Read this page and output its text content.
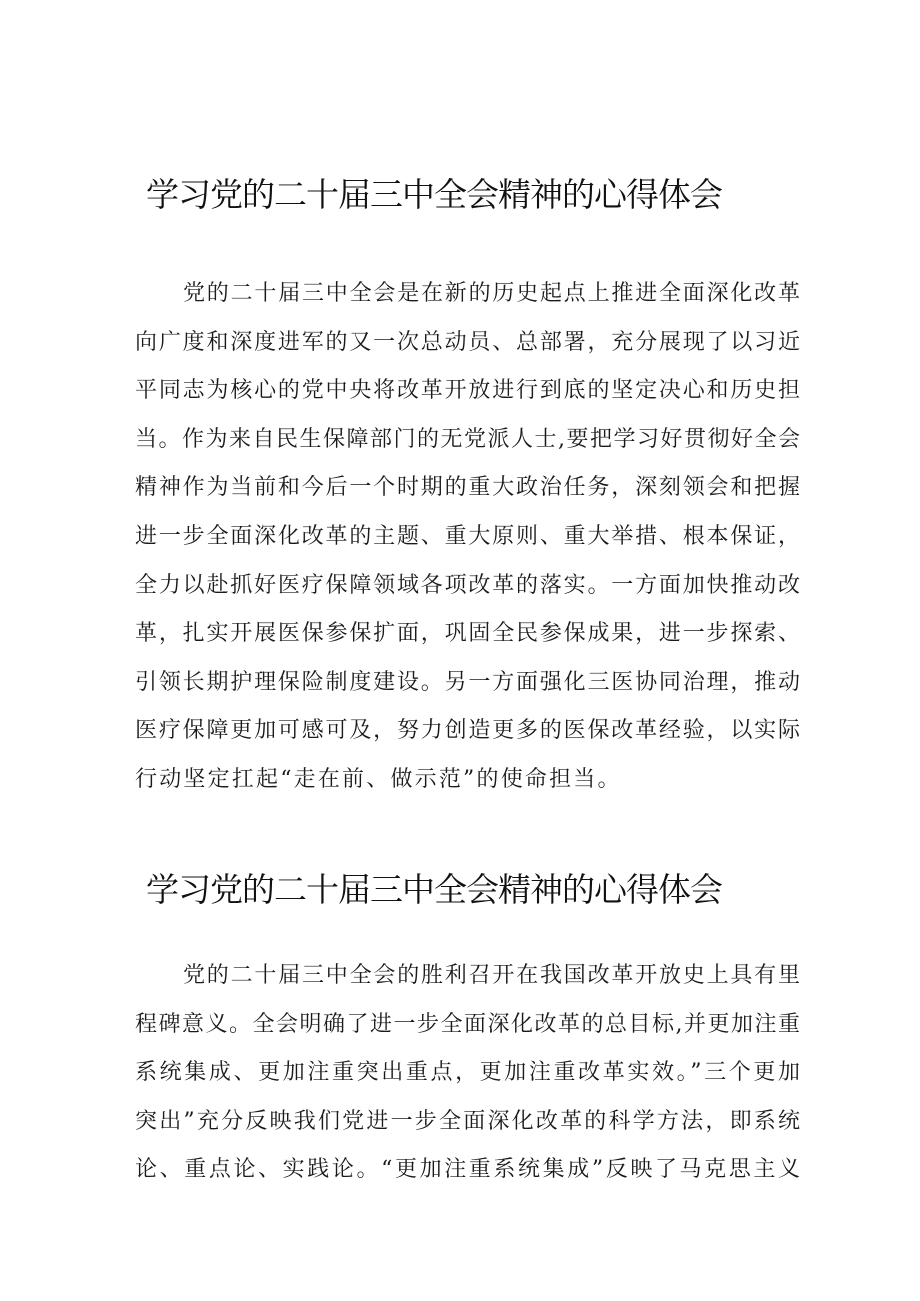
学习党的二十届三中全会精神的心得体会
党的二十届三中全会是在新的历史起点上推进全面深化改革
向广度和深度进军的又一次总动员、总部署，充分展现了以习近
平同志为核心的党中央将改革开放进行到底的坚定决心和历史担
当。作为来自民生保障部门的无党派人士,要把学习好贯彻好全会
精神作为当前和今后一个时期的重大政治任务，深刻领会和把握
进一步全面深化改革的主题、重大原则、重大举措、根本保证，
全力以赴抓好医疗保障领域各项改革的落实。一方面加快推动改
革，扎实开展医保参保扩面，巩固全民参保成果，进一步探索、
引领长期护理保险制度建设。另一方面强化三医协同治理，推动
医疗保障更加可感可及，努力创造更多的医保改革经验，以实际
行动坚定扛起“走在前、做示范”的使命担当。
学习党的二十届三中全会精神的心得体会
党的二十届三中全会的胜利召开在我国改革开放史上具有里
程碑意义。全会明确了进一步全面深化改革的总目标,并更加注重
系统集成、更加注重突出重点，更加注重改革实效。”三个更加
突出”充分反映我们党进一步全面深化改革的科学方法，即系统
论、重点论、实践论。“更加注重系统集成”反映了马克思主义
